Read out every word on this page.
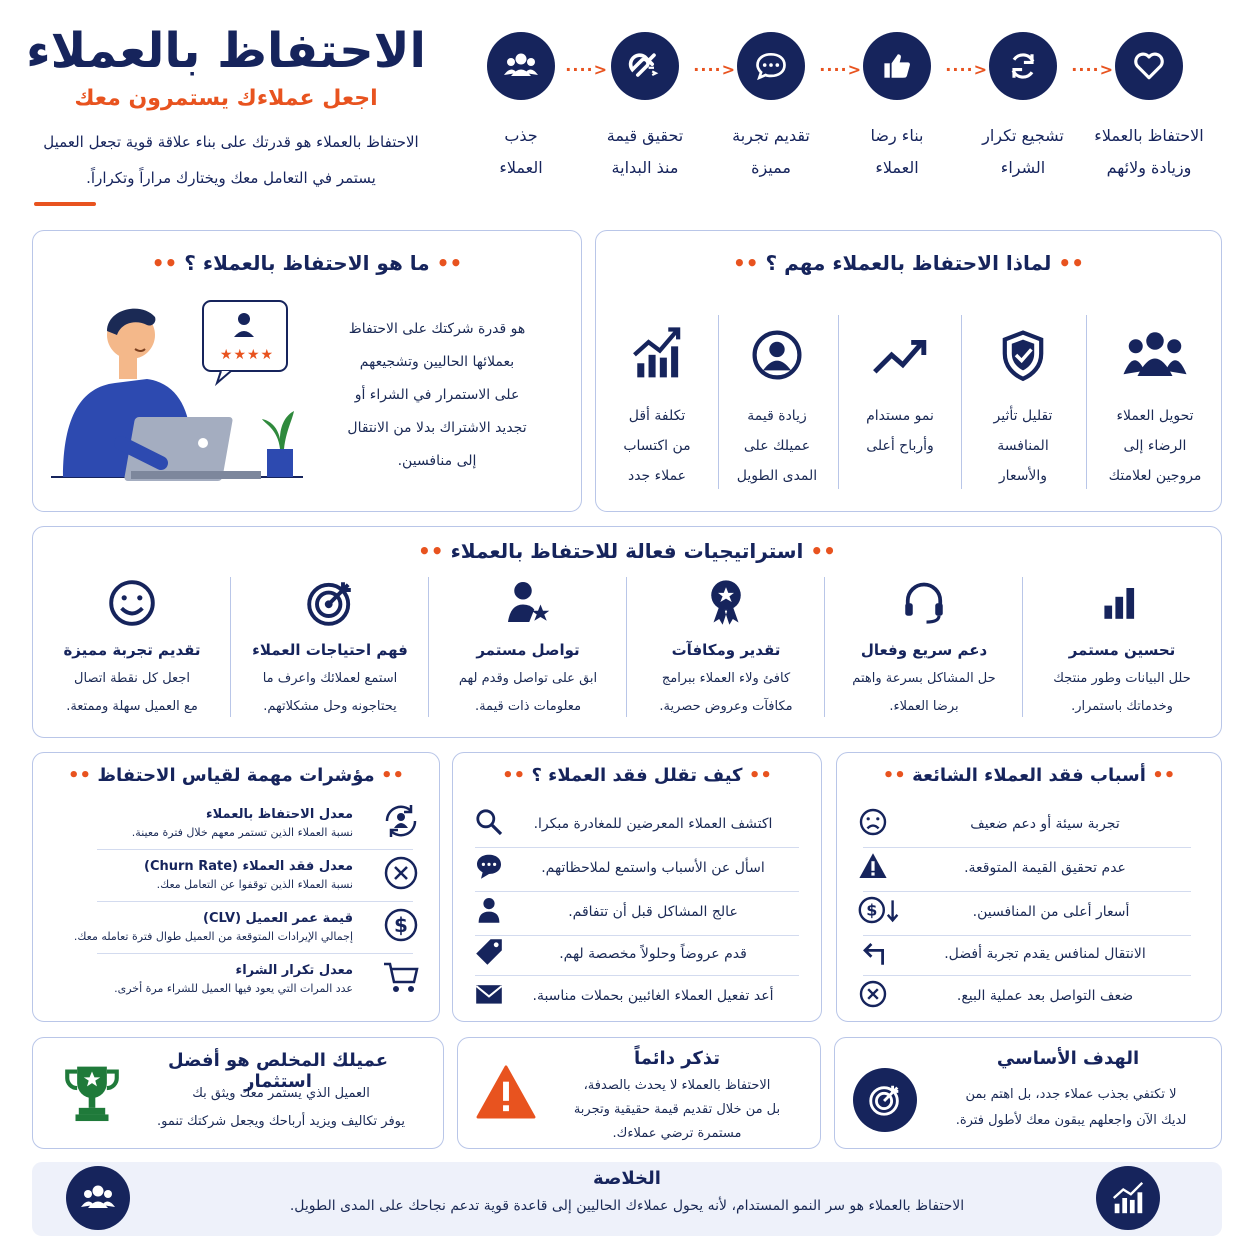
الاحتفاظ بالعملاء
اجعل عملاءك يستمرون معك
الاحتفاظ بالعملاء هو قدرتك على بناء علاقة قوية تجعل العميل
يستمر في التعامل معك ويختارك مراراً وتكراراً.
الاحتفاظ بالعملاء
وزيادة ولائهم
····>
تشجيع تكرار
الشراء
····>
بناء رضا
العملاء
····>
تقديم تجربة
مميزة
····>
تحقيق قيمة
منذ البداية
····>
جذب
العملاء
•• ما هو الاحتفاظ بالعملاء ؟ ••
هو قدرة شركتك على الاحتفاظ
بعملائها الحاليين وتشجيعهم
على الاستمرار في الشراء أو
تجديد الاشتراك بدلا من الانتقال
إلى منافسين.
★★★★
•• لماذا الاحتفاظ بالعملاء مهم ؟ ••
تحويل العملاء
الرضاء إلى
مروجين لعلامتك
تقليل تأثير
المنافسة
والأسعار
نمو مستدام
وأرباح أعلى
زيادة قيمة
عميلك على
المدى الطويل
تكلفة أقل
من اكتساب
عملاء جدد
•• استراتيجيات فعالة للاحتفاظ بالعملاء ••
تحسين مستمر
حلل البيانات وطور منتجك
وخدماتك باستمرار.
دعم سريع وفعال
حل المشاكل بسرعة واهتم
برضا العملاء.
تقدير ومكافآت
كافئ ولاء العملاء ببرامج
مكافآت وعروض حصرية.
تواصل مستمر
ابق على تواصل وقدم لهم
معلومات ذات قيمة.
فهم احتياجات العملاء
استمع لعملائك واعرف ما
يحتاجونه وحل مشكلاتهم.
تقديم تجربة مميزة
اجعل كل نقطة اتصال
مع العميل سهلة وممتعة.
•• أسباب فقد العملاء الشائعة ••
تجربة سيئة أو دعم ضعيف
عدم تحقيق القيمة المتوقعة.
أسعار أعلى من المنافسين.
$
الانتقال لمنافس يقدم تجربة أفضل.
ضعف التواصل بعد عملية البيع.
•• كيف تقلل فقد العملاء ؟ ••
اكتشف العملاء المعرضين للمغادرة مبكرا.
اسأل عن الأسباب واستمع لملاحظاتهم.
عالج المشاكل قبل أن تتفاقم.
قدم عروضاً وحلولاً مخصصة لهم.
أعد تفعيل العملاء الغائبين بحملات مناسبة.
•• مؤشرات مهمة لقياس الاحتفاظ ••
معدل الاحتفاظ بالعملاء
نسبة العملاء الذين تستمر معهم خلال فترة معينة.
معدل فقد العملاء (Churn Rate)
نسبة العملاء الذين توقفوا عن التعامل معك.
قيمة عمر العميل (CLV)
إجمالي الإيرادات المتوقعة من العميل طوال فترة تعامله معك. $
معدل تكرار الشراء
عدد المرات التي يعود فيها العميل للشراء مرة أخرى.
الهدف الأساسي
لا تكتفي بجذب عملاء جدد، بل اهتم بمن
لديك الآن واجعلهم يبقون معك لأطول فترة.
تذكر دائماً
الاحتفاظ بالعملاء لا يحدث بالصدفة،
بل من خلال تقديم قيمة حقيقية وتجربة
مستمرة ترضي عملاءك.
عميلك المخلص هو أفضل استثمار
العميل الذي يستمر معك ويثق بك
يوفر تكاليف ويزيد أرباحك ويجعل شركتك تنمو.
الخلاصة
الاحتفاظ بالعملاء هو سر النمو المستدام، لأنه يحول عملاءك الحاليين إلى قاعدة قوية تدعم نجاحك على المدى الطويل.
